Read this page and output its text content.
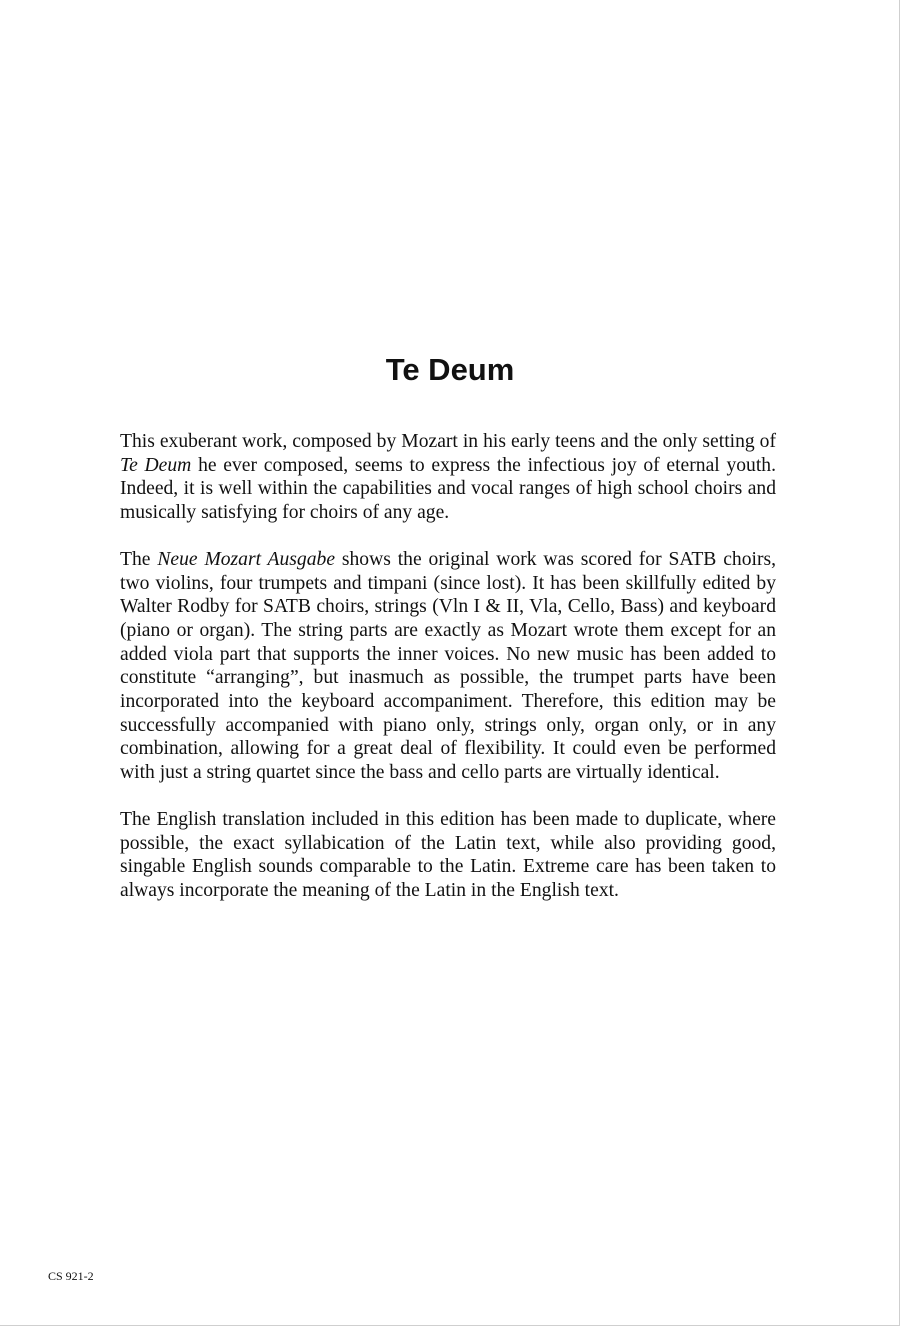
Te Deum

This exuberant work, composed by Mozart in his early teens and the only setting of Te Deum he ever composed, seems to express the infectious joy of eternal youth. Indeed, it is well within the capabilities and vocal ranges of high school choirs and musically satisfying for choirs of any age.

The Neue Mozart Ausgabe shows the original work was scored for SATB choirs, two violins, four trumpets and timpani (since lost). It has been skillfully edited by Walter Rodby for SATB choirs, strings (Vln I & II, Vla, Cello, Bass) and keyboard (piano or organ). The string parts are exactly as Mozart wrote them except for an added viola part that supports the inner voices. No new music has been added to constitute “arranging”, but inasmuch as possible, the trumpet parts have been incorporated into the keyboard accompaniment. Therefore, this edition may be successfully accompanied with piano only, strings only, organ only, or in any combination, allowing for a great deal of flexibility. It could even be performed with just a string quartet since the bass and cello parts are virtually identical.

The English translation included in this edition has been made to duplicate, where possible, the exact syllabication of the Latin text, while also providing good, singable English sounds comparable to the Latin. Extreme care has been taken to always incorporate the meaning of the Latin in the English text.

CS 921-2
